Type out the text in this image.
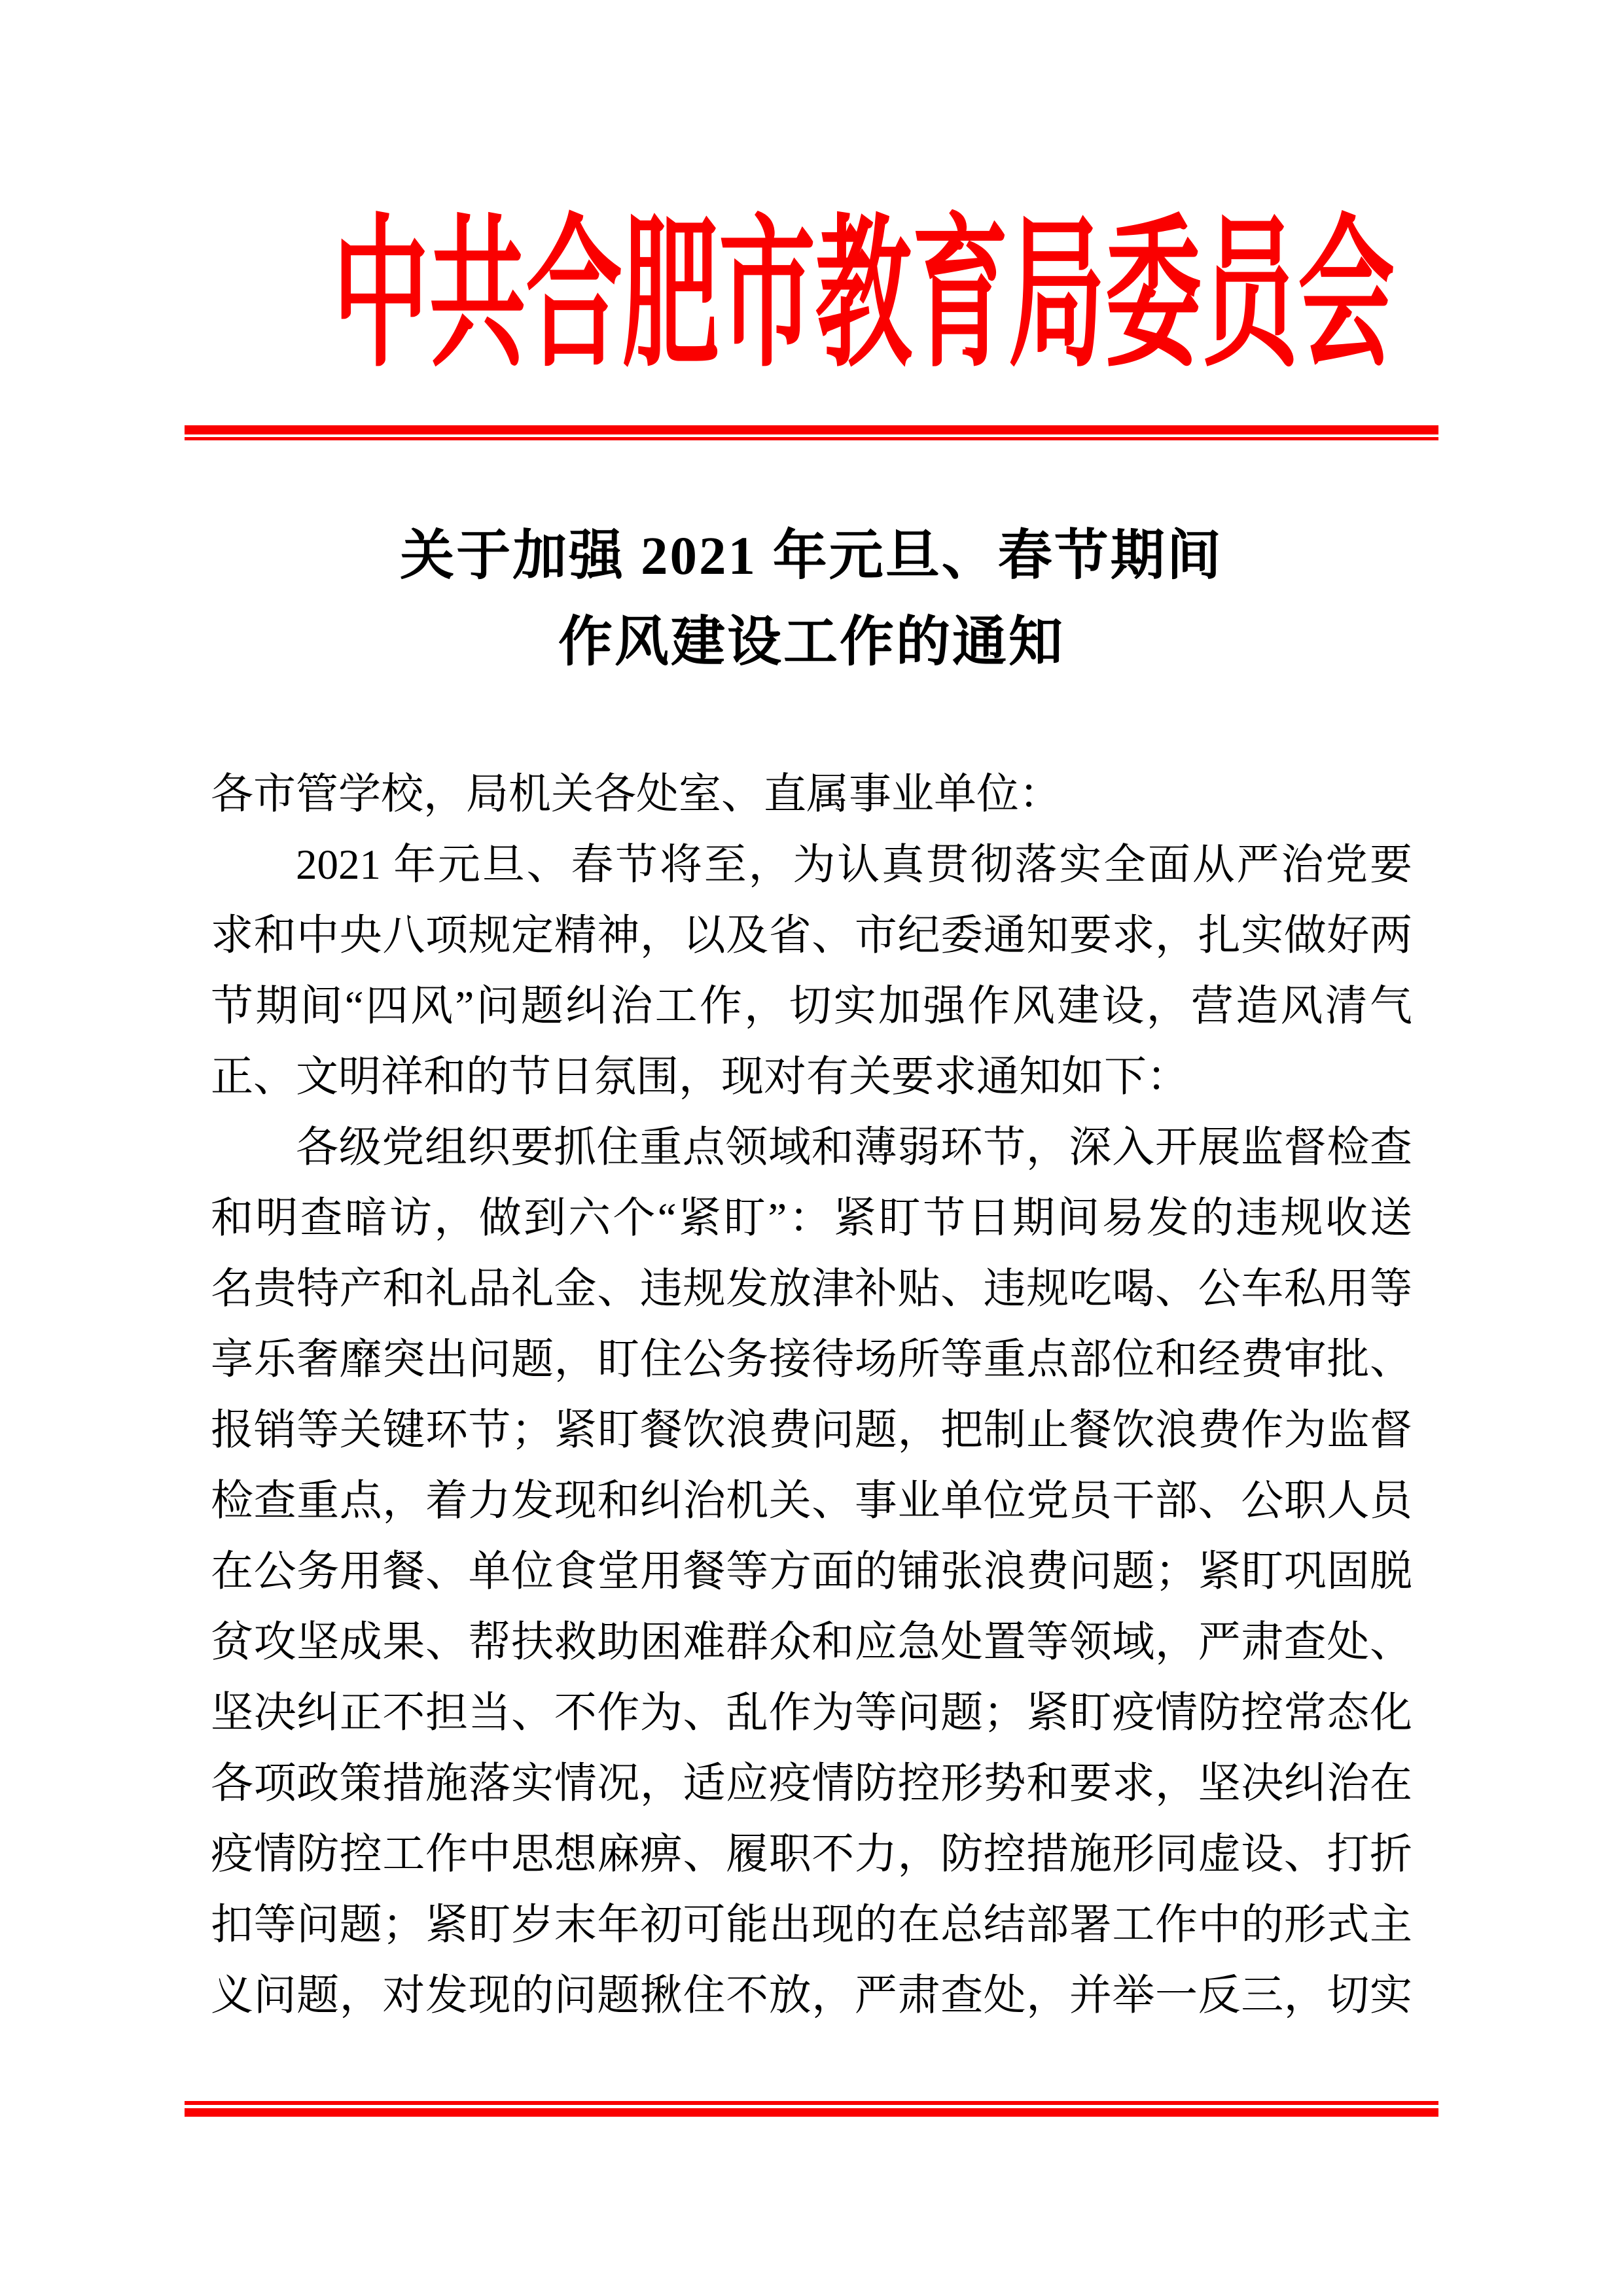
中共合肥市教育局委员会
关于加强 2021 年元旦、春节期间
作风建设工作的通知
各市管学校，局机关各处室、直属事业单位：
2021 年元旦、春节将至，为认真贯彻落实全面从严治党要
求和中央八项规定精神，以及省、市纪委通知要求，扎实做好两
节期间“四风”问题纠治工作，切实加强作风建设，营造风清气
正、文明祥和的节日氛围，现对有关要求通知如下：
各级党组织要抓住重点领域和薄弱环节，深入开展监督检查
和明查暗访，做到六个“紧盯”：紧盯节日期间易发的违规收送
名贵特产和礼品礼金、违规发放津补贴、违规吃喝、公车私用等
享乐奢靡突出问题，盯住公务接待场所等重点部位和经费审批、
报销等关键环节；紧盯餐饮浪费问题，把制止餐饮浪费作为监督
检查重点，着力发现和纠治机关、事业单位党员干部、公职人员
在公务用餐、单位食堂用餐等方面的铺张浪费问题；紧盯巩固脱
贫攻坚成果、帮扶救助困难群众和应急处置等领域，严肃查处、
坚决纠正不担当、不作为、乱作为等问题；紧盯疫情防控常态化
各项政策措施落实情况，适应疫情防控形势和要求，坚决纠治在
疫情防控工作中思想麻痹、履职不力，防控措施形同虚设、打折
扣等问题；紧盯岁末年初可能出现的在总结部署工作中的形式主
义问题，对发现的问题揪住不放，严肃查处，并举一反三，切实
